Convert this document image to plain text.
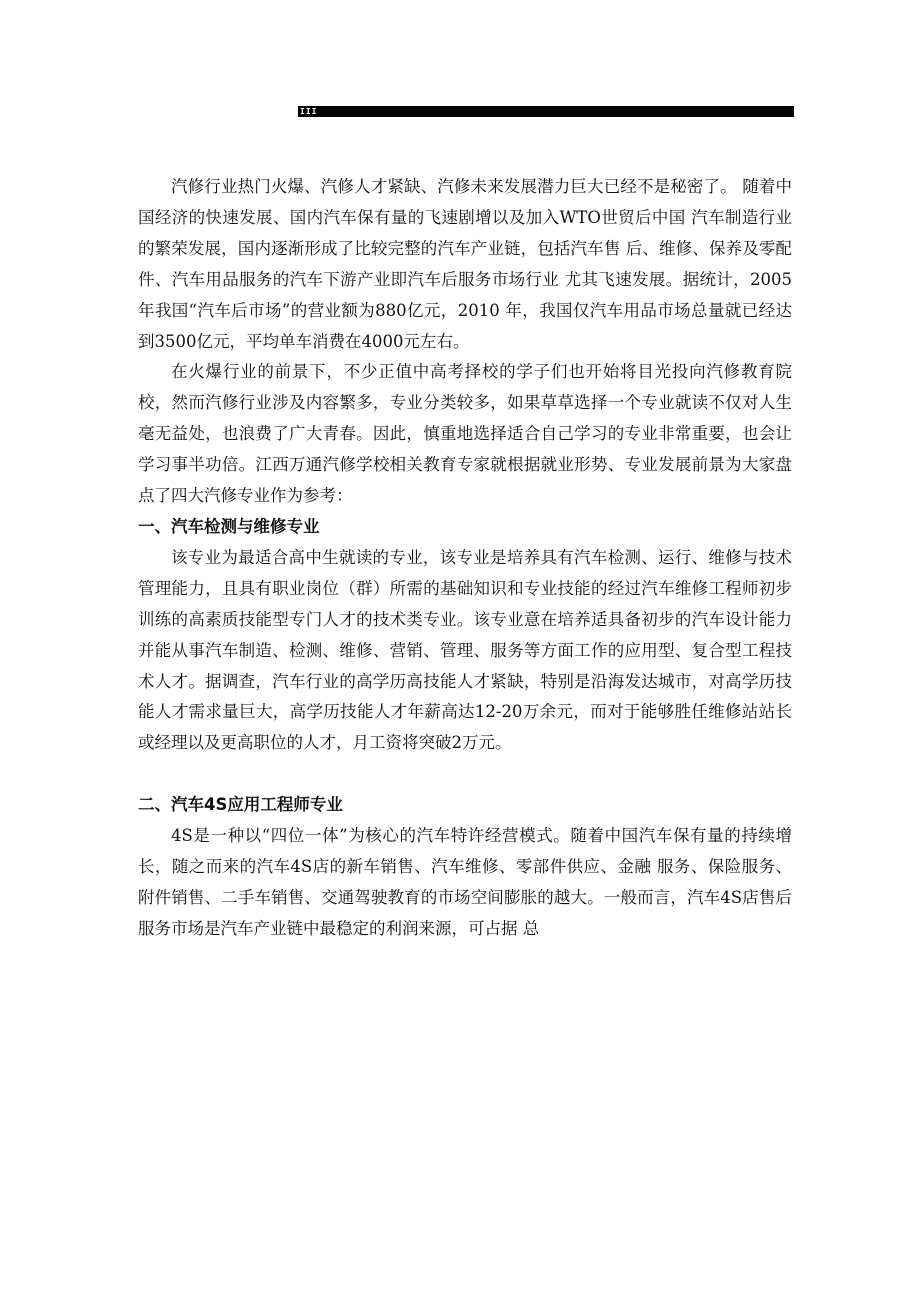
III

汽修行业热门火爆、汽修人才紧缺、汽修未来发展潜力巨大已经不是秘密了。 随着中国经济的快速发展、国内汽车保有量的飞速剧增以及加入WTO世贸后中国 汽车制造行业的繁荣发展，国内逐渐形成了比较完整的汽车产业链，包括汽车售 后、维修、保养及零配件、汽车用品服务的汽车下游产业即汽车后服务市场行业 尤其飞速发展。据统计，2005年我国“汽车后市场”的营业额为880亿元，2010 年，我国仅汽车用品市场总量就已经达到3500亿元，平均单车消费在4000元左右。

在火爆行业的前景下，不少正值中高考择校的学子们也开始将目光投向汽修教育院校，然而汽修行业涉及内容繁多，专业分类较多，如果草草选择一个专业就读不仅对人生毫无益处，也浪费了广大青春。因此，慎重地选择适合自己学习的专业非常重要，也会让学习事半功倍。江西万通汽修学校相关教育专家就根据就业形势、专业发展前景为大家盘点了四大汽修专业作为参考：

一、汽车检测与维修专业

该专业为最适合高中生就读的专业，该专业是培养具有汽车检测、运行、维修与技术管理能力，且具有职业岗位（群）所需的基础知识和专业技能的经过汽车维修工程师初步训练的高素质技能型专门人才的技术类专业。该专业意在培养适具备初步的汽车设计能力并能从事汽车制造、检测、维修、营销、管理、服务等方面工作的应用型、复合型工程技术人才。据调查，汽车行业的高学历高技能人才紧缺，特别是沿海发达城市，对高学历技能人才需求量巨大，高学历技能人才年薪高达12-20万余元，而对于能够胜任维修站站长或经理以及更高职位的人才，月工资将突破2万元。

二、汽车4S应用工程师专业

4S是一种以“四位一体”为核心的汽车特许经营模式。随着中国汽车保有量的持续增长，随之而来的汽车4S店的新车销售、汽车维修、零部件供应、金融 服务、保险服务、附件销售、二手车销售、交通驾驶教育的市场空间膨胀的越大。一般而言，汽车4S店售后服务市场是汽车产业链中最稳定的利润来源，可占据 总
